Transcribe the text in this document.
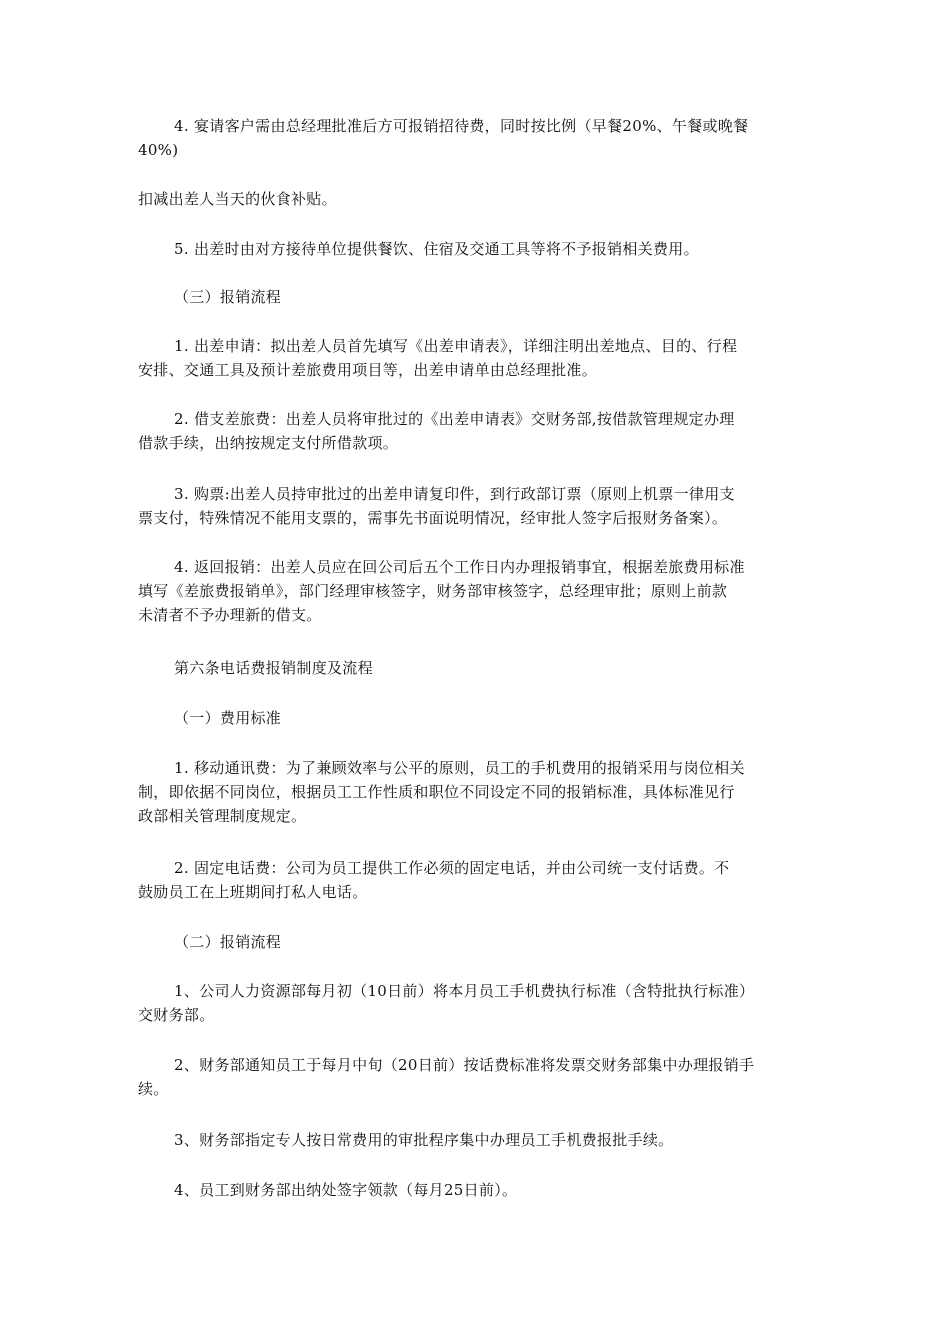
4. 宴请客户需由总经理批准后方可报销招待费，同时按比例（早餐20%、午餐或晚餐
40%)

扣减出差人当天的伙食补贴。

5. 出差时由对方接待单位提供餐饮、住宿及交通工具等将不予报销相关费用。

（三）报销流程

1. 出差申请：拟出差人员首先填写《出差申请表》，详细注明出差地点、目的、行程
安排、交通工具及预计差旅费用项目等，出差申请单由总经理批准。

2. 借支差旅费：出差人员将审批过的《出差申请表》交财务部,按借款管理规定办理
借款手续，出纳按规定支付所借款项。

3. 购票:出差人员持审批过的出差申请复印件，到行政部订票（原则上机票一律用支
票支付，特殊情况不能用支票的，需事先书面说明情况，经审批人签字后报财务备案）。

4. 返回报销：出差人员应在回公司后五个工作日内办理报销事宜，根据差旅费用标准
填写《差旅费报销单》，部门经理审核签字，财务部审核签字，总经理审批；原则上前款
未清者不予办理新的借支。

第六条电话费报销制度及流程

（一）费用标准

1. 移动通讯费：为了兼顾效率与公平的原则，员工的手机费用的报销采用与岗位相关
制，即依据不同岗位，根据员工工作性质和职位不同设定不同的报销标准，具体标准见行
政部相关管理制度规定。

2. 固定电话费：公司为员工提供工作必须的固定电话，并由公司统一支付话费。不
鼓励员工在上班期间打私人电话。

（二）报销流程

1、公司人力资源部每月初（10日前）将本月员工手机费执行标准（含特批执行标准）
交财务部。

2、财务部通知员工于每月中旬（20日前）按话费标准将发票交财务部集中办理报销手
续。

3、财务部指定专人按日常费用的审批程序集中办理员工手机费报批手续。

4、员工到财务部出纳处签字领款（每月25日前）。
